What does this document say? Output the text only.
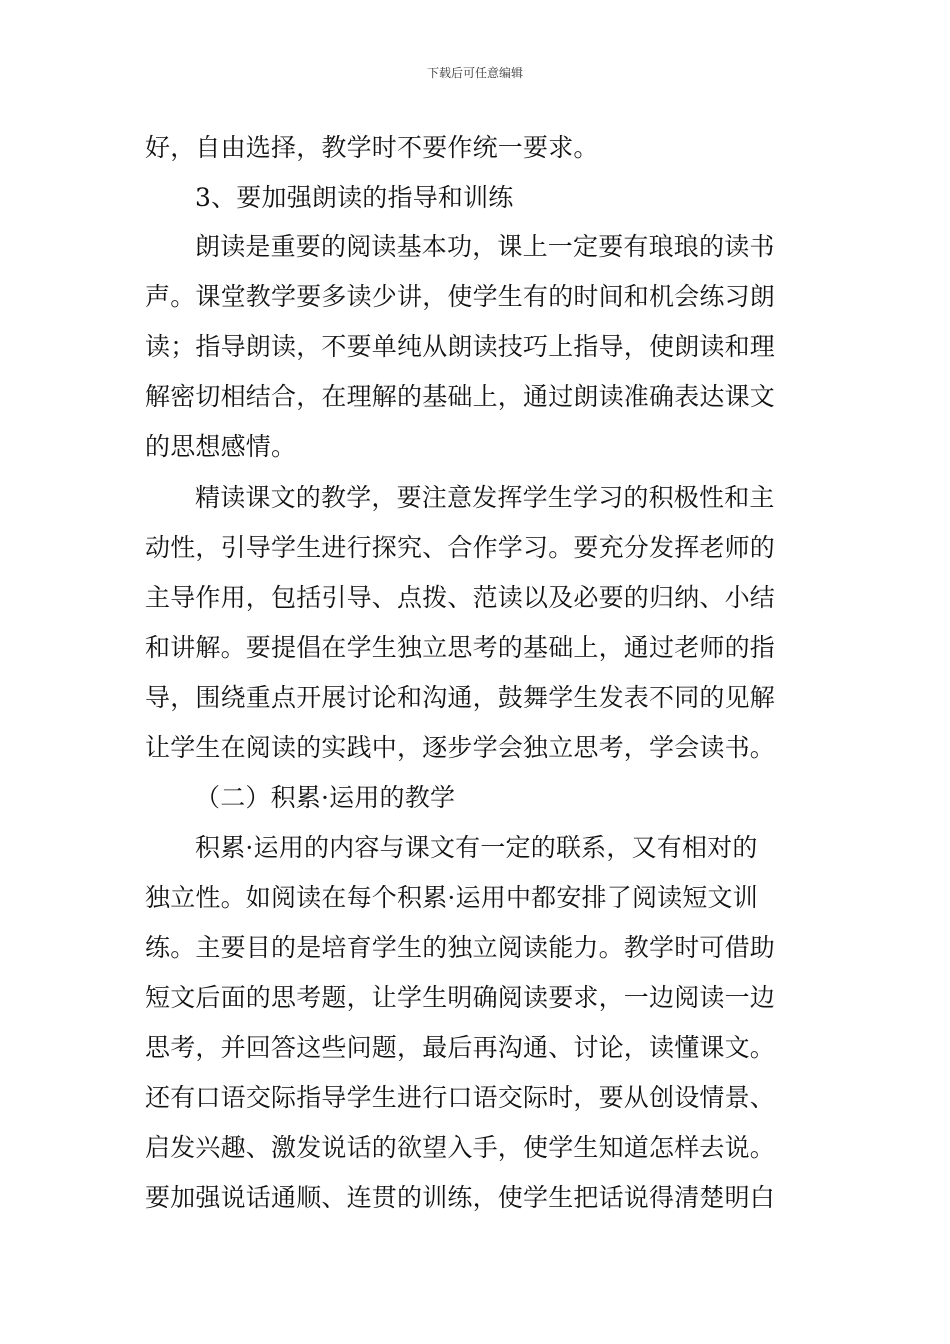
下载后可任意编辑
好，自由选择，教学时不要作统一要求。
3、要加强朗读的指导和训练
朗读是重要的阅读基本功，课上一定要有琅琅的读书
声。课堂教学要多读少讲，使学生有的时间和机会练习朗
读；指导朗读，不要单纯从朗读技巧上指导，使朗读和理
解密切相结合，在理解的基础上，通过朗读准确表达课文
的思想感情。
精读课文的教学，要注意发挥学生学习的积极性和主
动性，引导学生进行探究、合作学习。要充分发挥老师的
主导作用，包括引导、点拨、范读以及必要的归纳、小结
和讲解。要提倡在学生独立思考的基础上，通过老师的指
导，围绕重点开展讨论和沟通，鼓舞学生发表不同的见解
让学生在阅读的实践中，逐步学会独立思考，学会读书。
（二）积累·运用的教学
积累·运用的内容与课文有一定的联系，又有相对的
独立性。如阅读在每个积累·运用中都安排了阅读短文训
练。主要目的是培育学生的独立阅读能力。教学时可借助
短文后面的思考题，让学生明确阅读要求，一边阅读一边
思考，并回答这些问题，最后再沟通、讨论，读懂课文。
还有口语交际指导学生进行口语交际时，要从创设情景、
启发兴趣、激发说话的欲望入手，使学生知道怎样去说。
要加强说话通顺、连贯的训练，使学生把话说得清楚明白
